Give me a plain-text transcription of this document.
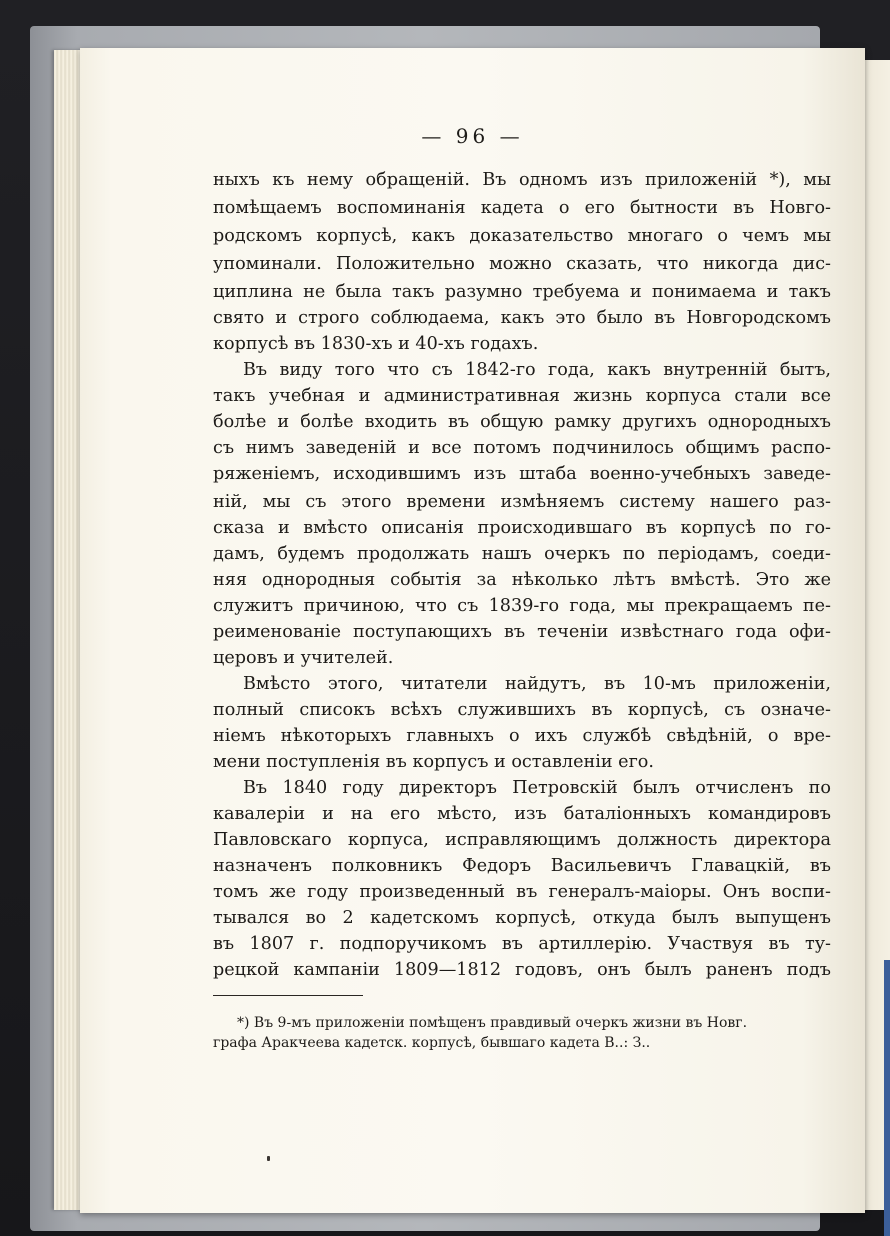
— 96 —
ныхъ къ нему обращеній. Въ одномъ изъ приложеній *), мы
помѣщаемъ воспоминанія кадета о его бытности въ Новго-
родскомъ корпусѣ, какъ доказательство многаго о чемъ мы
упоминали. Положительно можно сказать, что никогда дис-
циплина не была такъ разумно требуема и понимаема и такъ
свято и строго соблюдаема, какъ это было въ Новгородскомъ
корпусѣ въ 1830-хъ и 40-хъ годахъ.
Въ виду того что съ 1842-го года, какъ внутренній бытъ,
такъ учебная и административная жизнь корпуса стали все
болѣе и болѣе входить въ общую рамку другихъ однородныхъ
съ нимъ заведеній и все потомъ подчинилось общимъ распо-
ряженіемъ, исходившимъ изъ штаба военно-учебныхъ заведе-
ній, мы съ этого времени измѣняемъ систему нашего раз-
сказа и вмѣсто описанія происходившаго въ корпусѣ по го-
дамъ, будемъ продолжать нашъ очеркъ по періодамъ, соеди-
няя однородныя событія за нѣколько лѣтъ вмѣстѣ. Это же
служитъ причиною, что съ 1839-го года, мы прекращаемъ пе-
реименованіе поступающихъ въ теченіи извѣстнаго года офи-
церовъ и учителей.
Вмѣсто этого, читатели найдутъ, въ 10-мъ приложеніи,
полный списокъ всѣхъ служившихъ въ корпусѣ, съ означе-
ніемъ нѣкоторыхъ главныхъ о ихъ службѣ свѣдѣній, о вре-
мени поступленія въ корпусъ и оставленіи его.
Въ 1840 году директоръ Петровскій былъ отчисленъ по
кавалеріи и на его мѣсто, изъ баталіонныхъ командировъ
Павловскаго корпуса, исправляющимъ должность директора
назначенъ полковникъ Федоръ Васильевичъ Главацкій, въ
томъ же году произведенный въ генералъ-маіоры. Онъ воспи-
тывался во 2 кадетскомъ корпусѣ, откуда былъ выпущенъ
въ 1807 г. подпоручикомъ въ артиллерію. Участвуя въ ту-
рецкой кампаніи 1809—1812 годовъ, онъ былъ раненъ подъ
*) Въ 9-мъ приложеніи помѣщенъ правдивый очеркъ жизни въ Новг.
графа Аракчеева кадетск. корпусѣ, бывшаго кадета В..: З..
